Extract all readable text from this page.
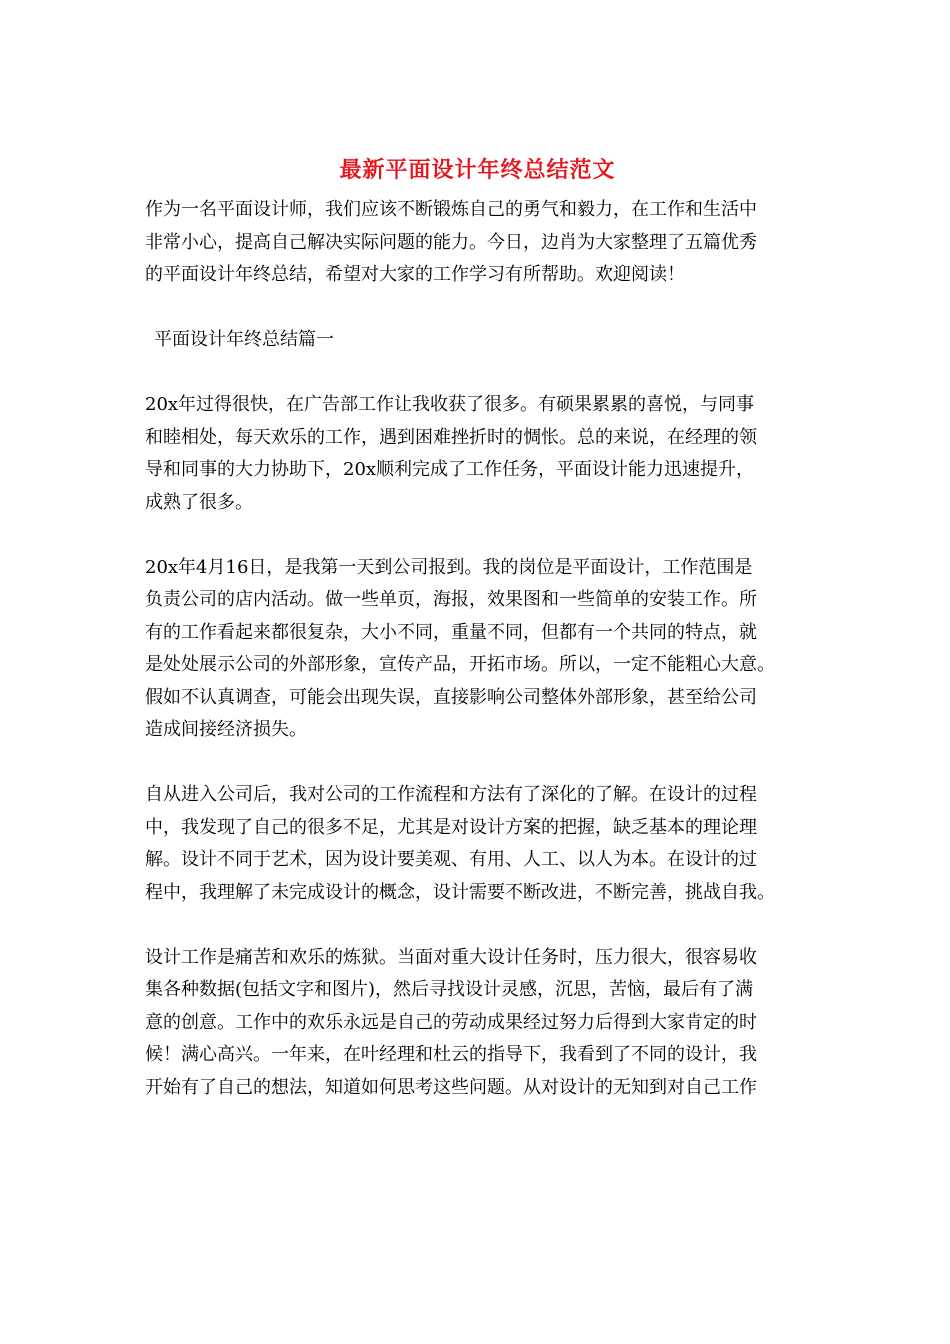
最新平面设计年终总结范文

作为一名平面设计师，我们应该不断锻炼自己的勇气和毅力，在工作和生活中
非常小心，提高自己解决实际问题的能力。今日，边肖为大家整理了五篇优秀
的平面设计年终总结，希望对大家的工作学习有所帮助。欢迎阅读！

平面设计年终总结篇一

20x年过得很快，在广告部工作让我收获了很多。有硕果累累的喜悦，与同事
和睦相处，每天欢乐的工作，遇到困难挫折时的惆怅。总的来说，在经理的领
导和同事的大力协助下，20x顺利完成了工作任务，平面设计能力迅速提升，
成熟了很多。

20x年4月16日，是我第一天到公司报到。我的岗位是平面设计，工作范围是
负责公司的店内活动。做一些单页，海报，效果图和一些简单的安装工作。所
有的工作看起来都很复杂，大小不同，重量不同，但都有一个共同的特点，就
是处处展示公司的外部形象，宣传产品，开拓市场。所以，一定不能粗心大意。
假如不认真调查，可能会出现失误，直接影响公司整体外部形象，甚至给公司
造成间接经济损失。

自从进入公司后，我对公司的工作流程和方法有了深化的了解。在设计的过程
中，我发现了自己的很多不足，尤其是对设计方案的把握，缺乏基本的理论理
解。设计不同于艺术，因为设计要美观、有用、人工、以人为本。在设计的过
程中，我理解了未完成设计的概念，设计需要不断改进，不断完善，挑战自我。

设计工作是痛苦和欢乐的炼狱。当面对重大设计任务时，压力很大，很容易收
集各种数据(包括文字和图片)，然后寻找设计灵感，沉思，苦恼，最后有了满
意的创意。工作中的欢乐永远是自己的劳动成果经过努力后得到大家肯定的时
候！满心高兴。一年来，在叶经理和杜云的指导下，我看到了不同的设计，我
开始有了自己的想法，知道如何思考这些问题。从对设计的无知到对自己工作
